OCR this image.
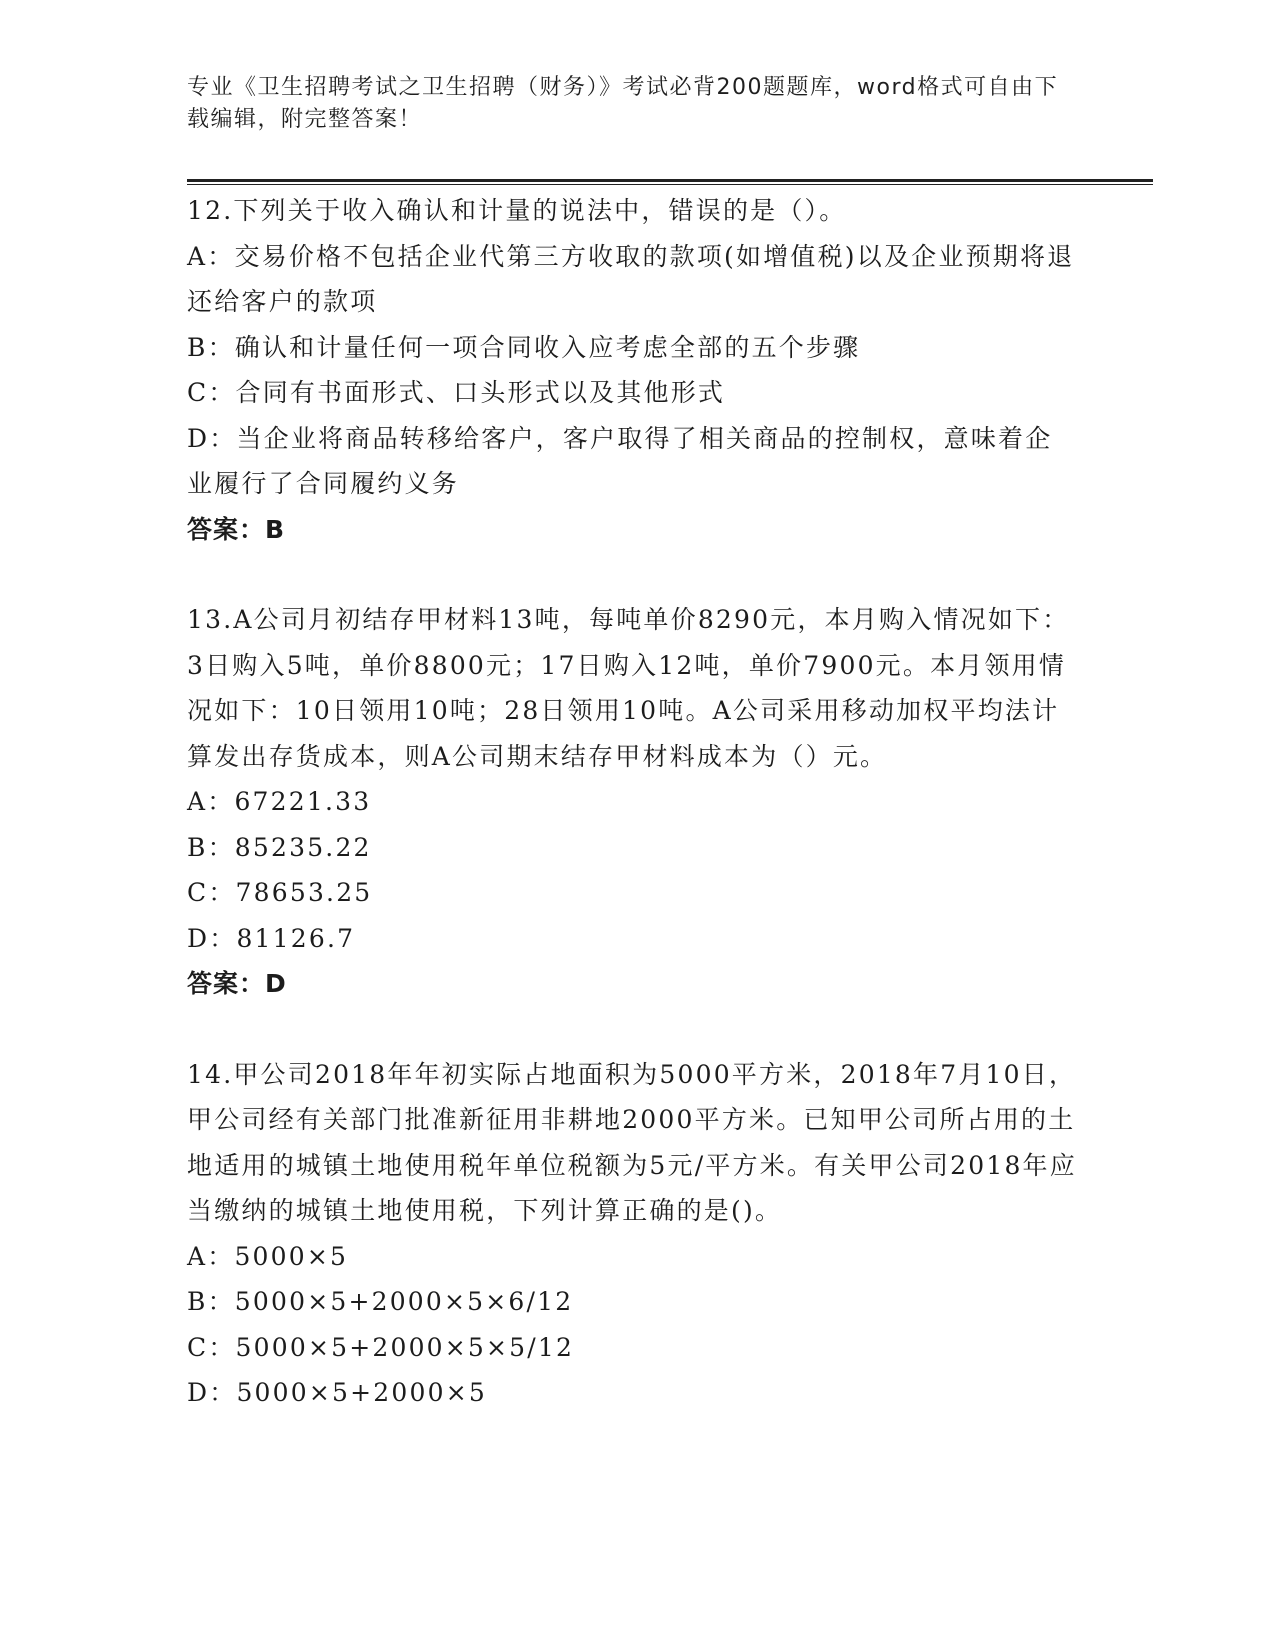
专业《卫生招聘考试之卫生招聘（财务）》考试必背200题题库，word格式可自由下载编辑，附完整答案！

12.下列关于收入确认和计量的说法中，错误的是（）。

A：交易价格不包括企业代第三方收取的款项(如增值税)以及企业预期将退还给客户的款项

B：确认和计量任何一项合同收入应考虑全部的五个步骤

C：合同有书面形式、口头形式以及其他形式

D：当企业将商品转移给客户，客户取得了相关商品的控制权，意味着企业履行了合同履约义务

答案：B

13.A公司月初结存甲材料13吨，每吨单价8290元，本月购入情况如下：3日购入5吨，单价8800元；17日购入12吨，单价7900元。本月领用情况如下：10日领用10吨；28日领用10吨。A公司采用移动加权平均法计算发出存货成本，则A公司期末结存甲材料成本为（）元。

A：67221.33

B：85235.22

C：78653.25

D：81126.7

答案：D

14.甲公司2018年年初实际占地面积为5000平方米，2018年7月10日，甲公司经有关部门批准新征用非耕地2000平方米。已知甲公司所占用的土地适用的城镇土地使用税年单位税额为5元/平方米。有关甲公司2018年应当缴纳的城镇土地使用税，下列计算正确的是()。

A：5000×5

B：5000×5+2000×5×6/12

C：5000×5+2000×5×5/12

D：5000×5+2000×5
